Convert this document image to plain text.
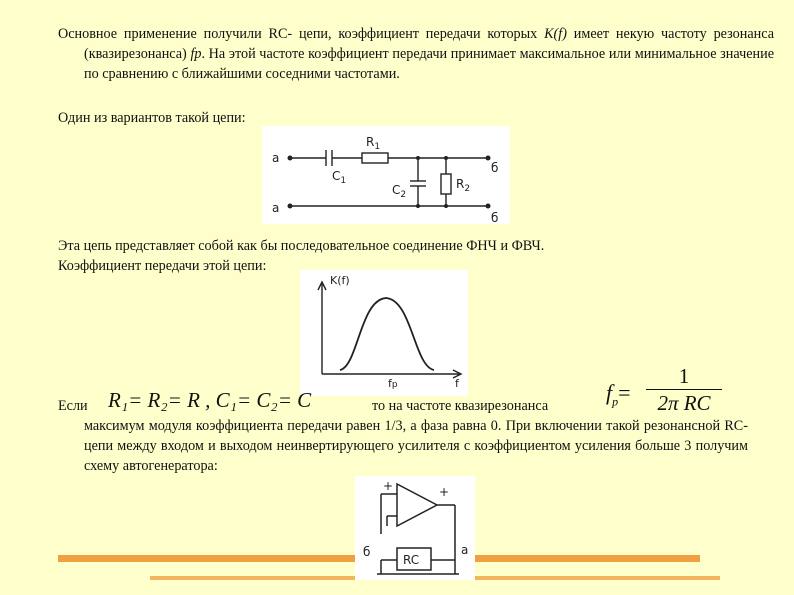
Основное применение получили RC- цепи, коэффициент передачи которых K(f) имеет некую частоту резонанса (квазирезонанса) fp. На этой частоте коэффициент передачи принимает максимальное или минимальное значение по сравнению с ближайшими соседними частотами.
Один из вариантов такой цепи:
а
а
б
б
$R_1$
$C_1$
$C_2$
$R_2$
Эта цепь представляет собой как бы последовательное соединение ФНЧ и ФВЧ.
Коэффициент передачи этой цепи:
K(f)
f
fp
Если R₁= R₂= R , C₁= C₂= C	то на частоте квазирезонанса
$f_p=$
1
2π RC
максимум модуля коэффициента передачи равен 1/3, а фаза равна 0. При включении такой резонансной RC- цепи между входом и выходом неинвертирующего усилителя с коэффициентом усиления больше 3 получим схему автогенератора:
+	+
RC
б	а
